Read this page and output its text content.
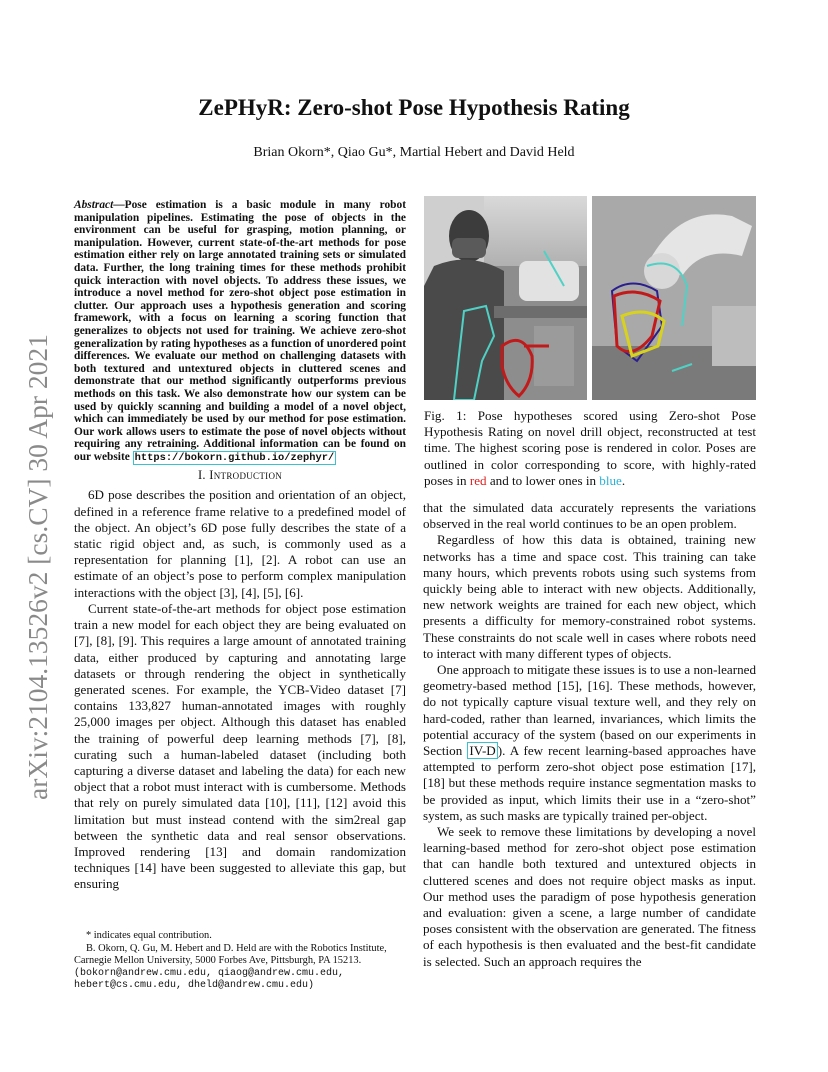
arXiv:2104.13526v2 [cs.CV] 30 Apr 2021
ZePHyR: Zero-shot Pose Hypothesis Rating
Brian Okorn*, Qiao Gu*, Martial Hebert and David Held
Abstract—Pose estimation is a basic module in many robot manipulation pipelines. Estimating the pose of objects in the environment can be useful for grasping, motion planning, or manipulation. However, current state-of-the-art methods for pose estimation either rely on large annotated training sets or simulated data. Further, the long training times for these methods prohibit quick interaction with novel objects. To address these issues, we introduce a novel method for zero-shot object pose estimation in clutter. Our approach uses a hypothesis generation and scoring framework, with a focus on learning a scoring function that generalizes to objects not used for training. We achieve zero-shot generalization by rating hypotheses as a function of unordered point differences. We evaluate our method on challenging datasets with both textured and untextured objects in cluttered scenes and demonstrate that our method significantly outperforms previous methods on this task. We also demonstrate how our system can be used by quickly scanning and building a model of a novel object, which can immediately be used by our method for pose estimation. Our work allows users to estimate the pose of novel objects without requiring any retraining. Additional information can be found on our website https://bokorn.github.io/zephyr/
I. Introduction

6D pose describes the position and orientation of an object, defined in a reference frame relative to a predefined model of the object. An object’s 6D pose fully describes the state of a static rigid object and, as such, is commonly used as a representation for planning [1], [2]. A robot can use an estimate of an object’s pose to perform complex manipulation interactions with the object [3], [4], [5], [6].

Current state-of-the-art methods for object pose estimation train a new model for each object they are being evaluated on [7], [8], [9]. This requires a large amount of annotated training data, either produced by capturing and annotating large datasets or through rendering the object in synthetically generated scenes. For example, the YCB-Video dataset [7] contains 133,827 human-annotated images with roughly 25,000 images per object. Although this dataset has enabled the training of powerful deep learning methods [7], [8], curating such a human-labeled dataset (including both capturing a diverse dataset and labeling the data) for each new object that a robot must interact with is cumbersome. Methods that rely on purely simulated data [10], [11], [12] avoid this limitation but must instead contend with the sim2real gap between the synthetic data and real sensor observations. Improved rendering [13] and domain randomization techniques [14] have been suggested to alleviate this gap, but ensuring

* indicates equal contribution.

B. Okorn, Q. Gu, M. Hebert and D. Held are with the Robotics Institute, Carnegie Mellon University, 5000 Forbes Ave, Pittsburgh, PA 15213.

(bokorn@andrew.cmu.edu, qiaog@andrew.cmu.edu,
hebert@cs.cmu.edu, dheld@andrew.cmu.edu)
Fig. 1: Pose hypotheses scored using Zero-shot Pose Hypothesis Rating on novel drill object, reconstructed at test time. The highest scoring pose is rendered in color. Poses are outlined in color corresponding to score, with highly-rated poses in red and to lower ones in blue.

that the simulated data accurately represents the variations observed in the real world continues to be an open problem.

Regardless of how this data is obtained, training new networks has a time and space cost. This training can take many hours, which prevents robots using such systems from quickly being able to interact with new objects. Additionally, new network weights are trained for each new object, which presents a difficulty for memory-constrained robot systems. These constraints do not scale well in cases where robots need to interact with many different types of objects.

One approach to mitigate these issues is to use a non-learned geometry-based method [15], [16]. These methods, however, do not typically capture visual texture well, and they rely on hard-coded, rather than learned, invariances, which limits the potential accuracy of the system (based on our experiments in Section IV-D ). A few recent learning-based approaches have attempted to perform zero-shot object pose estimation [17], [18] but these methods require instance segmentation masks to be provided as input, which limits their use in a “zero-shot” system, as such masks are typically trained per-object.

We seek to remove these limitations by developing a novel learning-based method for zero-shot object pose estimation that can handle both textured and untextured objects in cluttered scenes and does not require object masks as input. Our method uses the paradigm of pose hypothesis generation and evaluation: given a scene, a large number of candidate poses consistent with the observation are generated. The fitness of each hypothesis is then evaluated and the best-fit candidate is selected. Such an approach requires the
